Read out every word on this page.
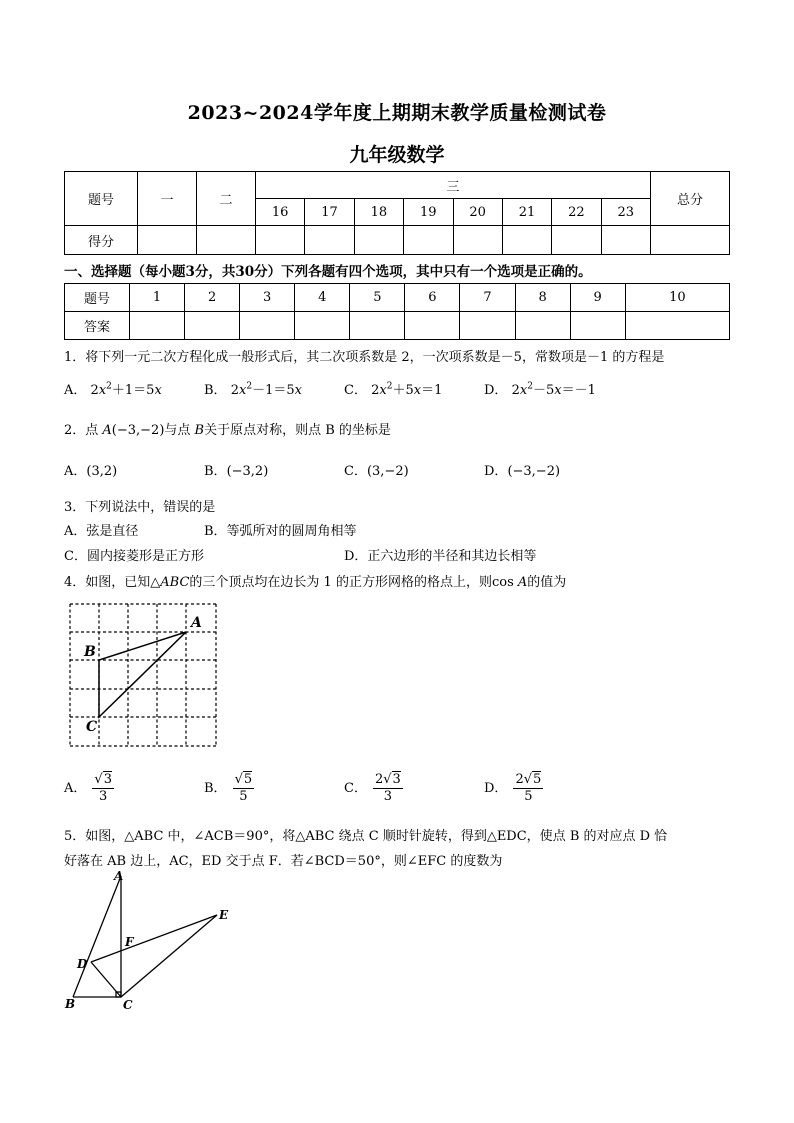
2023~2024学年度上期期末教学质量检测试卷
九年级数学
题号	一	二	三								总分
			16	17	18	19	20	21	22	23	
得分											
一、选择题（每小题3分，共30分）下列各题有四个选项，其中只有一个选项是正确的。
题号	1	2	3	4	5	6	7	8	9	10
答案										
1．将下列一元二次方程化成一般形式后，其二次项系数是 2，一次项系数是－5，常数项是－1 的方程是
A． $2x^2+1=5x$	B． $2x^2-1=5x$	C． $2x^2+5x=1$	D． $2x^2-5x=-1$
2．点 A(−3,−2)与点 B关于原点对称，则点 B 的坐标是
A．(3,2)	B．(−3,2)	C．(3,−2)	D．(−3,−2)
3．下列说法中，错误的是
A．弦是直径	B．等弧所对的圆周角相等
C．圆内接菱形是正方形	D．正六边形的半径和其边长相等
4．如图，已知△ABC的三个顶点均在边长为 1 的正方形网格的格点上，则cos A的值为
A
B
C
A． $\frac{√3}{3}$	B． $\frac{√5}{5}$	C． $\frac{2√3}{3}$	D． $\frac{2√5}{5}$
5．如图，△ABC 中，∠ACB＝90°，将△ABC 绕点 C 顺时针旋转，得到△EDC，使点 B 的对应点 D 恰
好落在 AB 边上，AC，ED 交于点 F．若∠BCD＝50°，则∠EFC 的度数为
A
B	C
D
E
F
